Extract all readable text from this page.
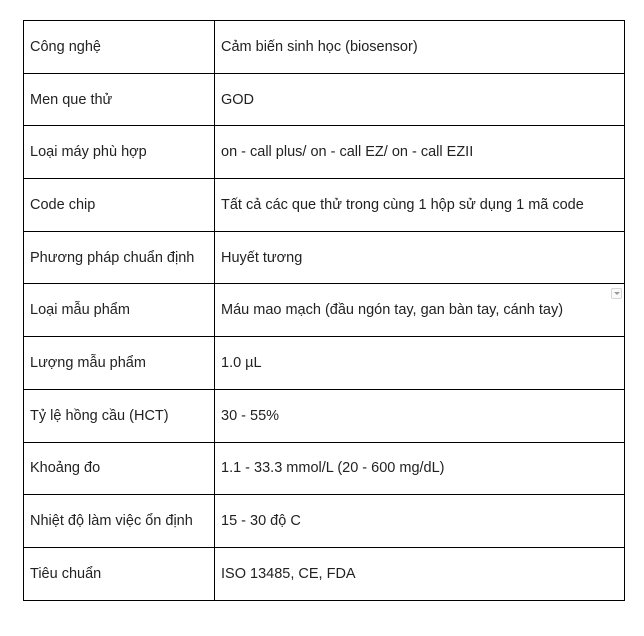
Công nghệ	Cảm biến sinh học (biosensor)
Men que thử	GOD
Loại máy phù hợp	on - call plus/ on - call EZ/ on - call EZII
Code chip	Tất cả các que thử trong cùng 1 hộp sử dụng 1 mã code
Phương pháp chuẩn định	Huyết tương
Loại mẫu phẩm	Máu mao mạch (đầu ngón tay, gan bàn tay, cánh tay)

Lượng mẫu phẩm	1.0 µL
Tỷ lệ hồng cầu (HCT)	30 - 55%
Khoảng đo	1.1 - 33.3 mmol/L (20 - 600 mg/dL)
Nhiệt độ làm việc ổn định	15 - 30 độ C
Tiêu chuẩn	ISO 13485, CE, FDA
